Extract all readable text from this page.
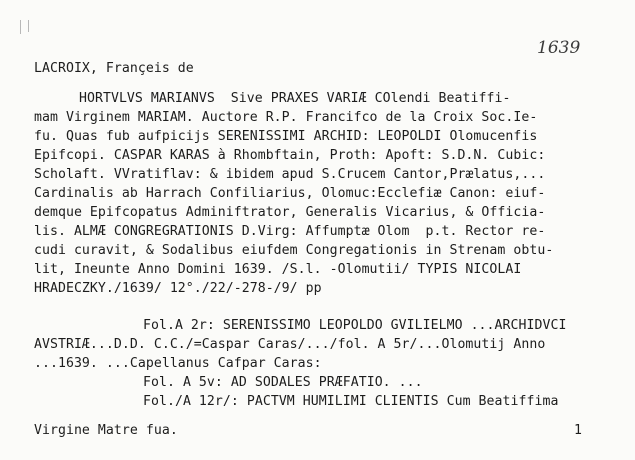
1639
LACROIX, Françeis de
HORTVLVS MARIANVS  Sive PRAXES VARIÆ COlendi Beatiffi-
mam Virginem MARIAM. Auctore R.P. Francifco de la Croix Soc.Ie-
fu. Quas fub aufpicijs SERENISSIMI ARCHID: LEOPOLDI Olomucenfis
Epifcopi. CASPAR KARAS à Rhombftain, Proth: Apoft: S.D.N. Cubic:
Scholaft. VVratiflav: & ibidem apud S.Crucem Cantor,Prælatus,...
Cardinalis ab Harrach Confiliarius, Olomuc:Ecclefiæ Canon: eiuf-
demque Epifcopatus Adminiftrator, Generalis Vicarius, & Officia-
lis. ALMÆ CONGREGRATIONIS D.Virg: Affumptæ Olom  p.t. Rector re-
cudi curavit, & Sodalibus eiufdem Congregationis in Strenam obtu-
lit, Ineunte Anno Domini 1639. /S.l. -Olomutii/ TYPIS NICOLAI
HRADECZKY./1639/ 12°./22/-278-/9/ pp
Fol.A 2r: SERENISSIMO LEOPOLDO GVILIELMO ...ARCHIDVCI
AVSTRIÆ...D.D. C.C./=Caspar Caras/.../fol. A 5r/...Olomutij Anno
...1639. ...Capellanus Cafpar Caras:
Fol. A 5v: AD SODALES PRÆFATIO. ...
Fol./A 12r/: PACTVM HUMILIMI CLIENTIS Cum Beatiffima
Virgine Matre fua.	1
